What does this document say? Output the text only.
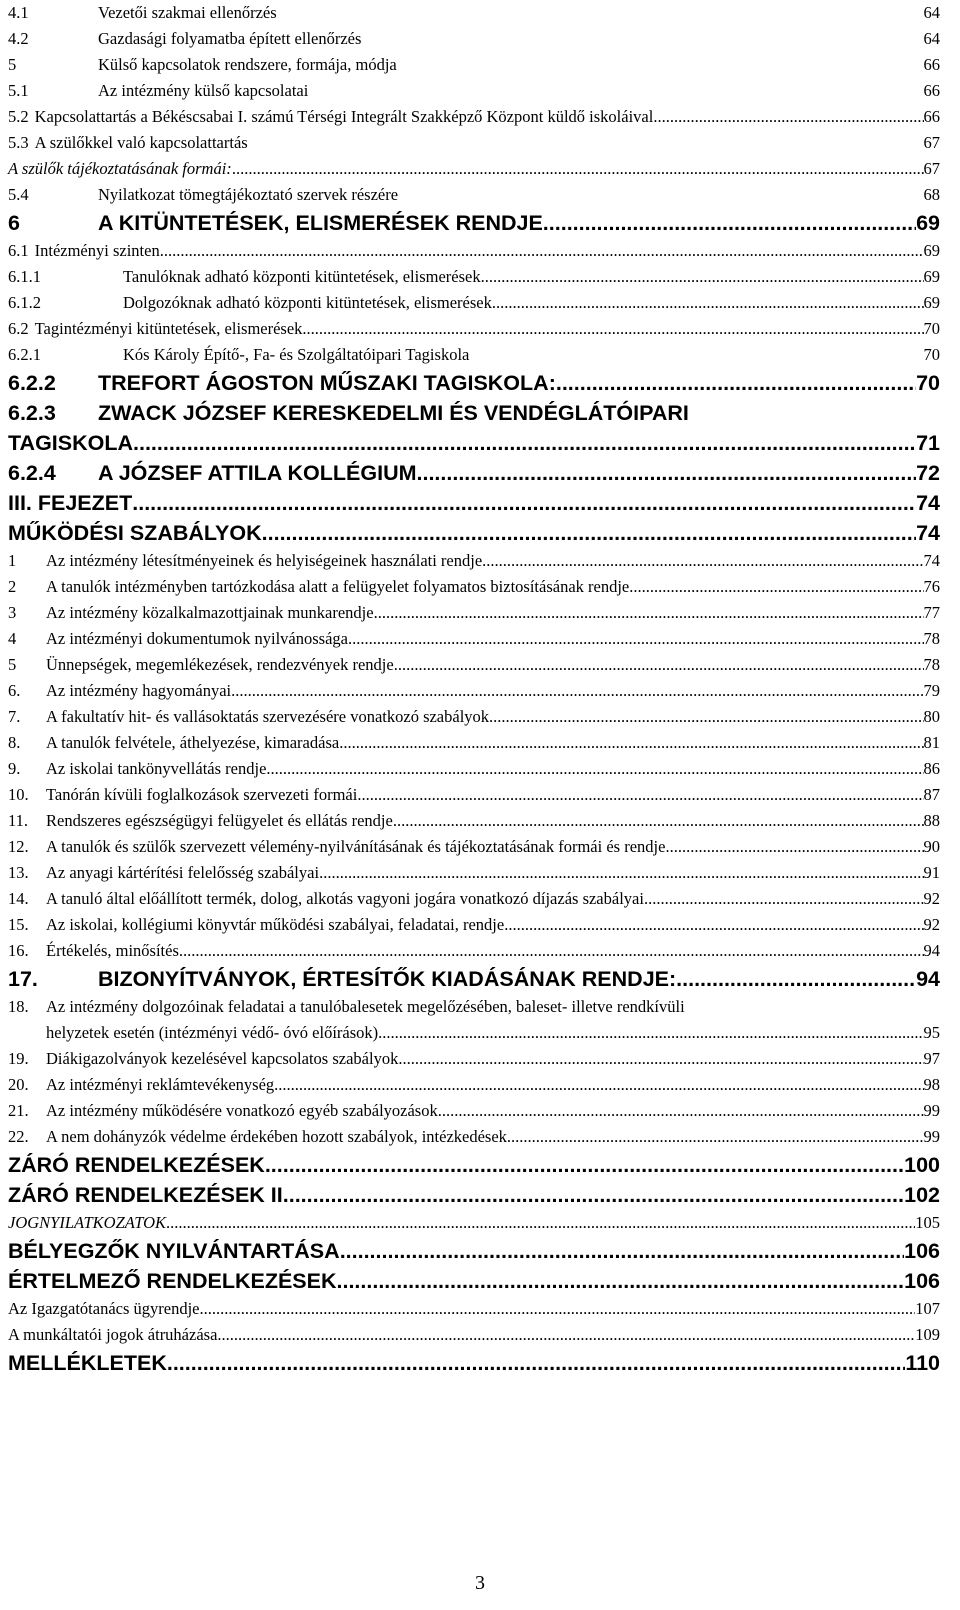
4.1	Vezetői szakmai ellenőrzés	64
4.2	Gazdasági folyamatba épített ellenőrzés	64
5	Külső kapcsolatok rendszere, formája, módja	66
5.1	Az intézmény külső kapcsolatai	66
5.2 Kapcsolattartás a Békéscsabai I. számú Térségi Integrált Szakképző Központ küldő iskoláival .....	66
5.3 A szülőkkel való kapcsolattartás	67
A szülők tájékoztatásának formái: .....	67
5.4	Nyilatkozat tömegtájékoztató szervek részére	68
6	A KITÜNTETÉSEK, ELISMERÉSEK RENDJE .....	69
6.1 Intézményi szinten .....	69
6.1.1	Tanulóknak adható központi kitüntetések, elismerések .....	69
6.1.2	Dolgozóknak adható központi kitüntetések, elismerések .....	69
6.2 Tagintézményi kitüntetések, elismerések .....	70
6.2.1	Kós Károly Építő-, Fa- és Szolgáltatóipari Tagiskola	70
6.2.2	TREFORT ÁGOSTON MŰSZAKI TAGISKOLA: .....	70
6.2.3	ZWACK JÓZSEF KERESKEDELMI ÉS VENDÉGLÁTÓIPARI
TAGISKOLA .....	71
6.2.4	A JÓZSEF ATTILA KOLLÉGIUM .....	72
III. FEJEZET .....	74
MŰKÖDÉSI SZABÁLYOK .....	74
1	Az intézmény létesítményeinek és helyiségeinek használati rendje .....	74
2	A tanulók intézményben tartózkodása alatt a felügyelet folyamatos biztosításának rendje .....	76
3	Az intézmény közalkalmazottjainak munkarendje .....	77
4	Az intézményi dokumentumok nyilvánossága .....	78
5	Ünnepségek, megemlékezések, rendezvények rendje .....	78
6.	Az intézmény hagyományai .....	79
7.	A fakultatív hit- és vallásoktatás szervezésére vonatkozó szabályok .....	80
8.	A tanulók felvétele, áthelyezése, kimaradása .....	81
9.	Az iskolai tankönyvellátás rendje .....	86
10.	Tanórán kívüli foglalkozások szervezeti formái .....	87
11.	Rendszeres egészségügyi felügyelet és ellátás rendje .....	88
12.	A tanulók és szülők szervezett vélemény-nyilvánításának és tájékoztatásának formái és rendje .....	90
13.	Az anyagi kártérítési felelősség szabályai .....	91
14.	A tanuló által előállított termék, dolog, alkotás vagyoni jogára vonatkozó díjazás szabályai .....	92
15.	Az iskolai, kollégiumi könyvtár működési szabályai, feladatai, rendje .....	92
16.	Értékelés, minősítés .....	94
17.	BIZONYÍTVÁNYOK, ÉRTESÍTŐK KIADÁSÁNAK RENDJE: .....	94
18.	Az intézmény dolgozóinak feladatai a tanulóbalesetek megelőzésében, baleset- illetve rendkívüli
helyzetek esetén (intézményi védő- óvó előírások) .....	95
19.	Diákigazolványok kezelésével kapcsolatos szabályok .....	97
20.	Az intézményi reklámtevékenység .....	98
21.	Az intézmény működésére vonatkozó egyéb szabályozások .....	99
22.	A nem dohányzók védelme érdekében hozott szabályok, intézkedések .....	99
ZÁRÓ RENDELKEZÉSEK .....	100
ZÁRÓ RENDELKEZÉSEK II. .....	102
JOGNYILATKOZATOK .....	105
BÉLYEGZŐK NYILVÁNTARTÁSA .....	106
ÉRTELMEZŐ RENDELKEZÉSEK .....	106
Az Igazgatótanács ügyrendje .....	107
A munkáltatói jogok átruházása .....	109
MELLÉKLETEK .....	110
3
